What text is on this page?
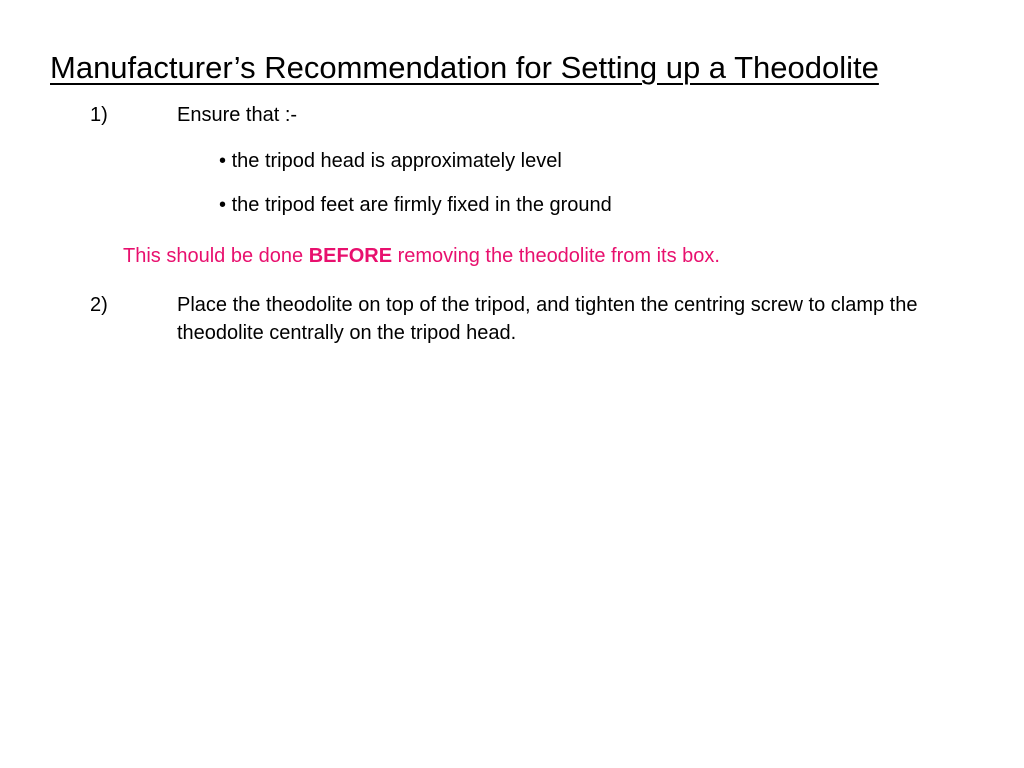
Manufacturer’s Recommendation for Setting up a Theodolite
1)	Ensure that :-
• the tripod head is approximately level
• the tripod feet are firmly fixed in the ground
This should be done BEFORE removing the theodolite from its box.
2)	Place the theodolite on top of the tripod, and tighten the centring screw to clamp the theodolite centrally on the tripod head.
